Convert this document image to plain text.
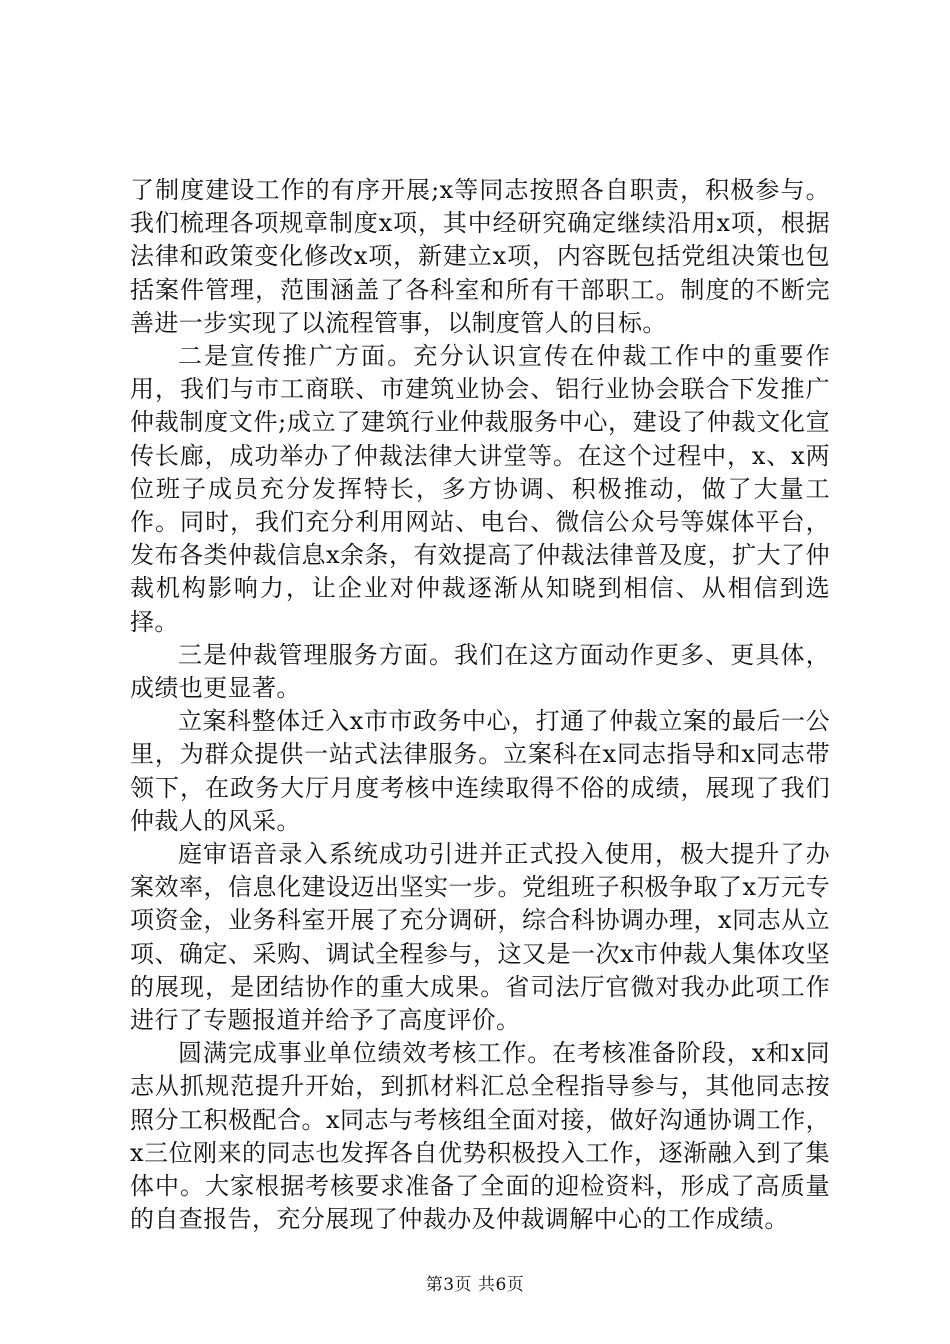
了制度建设工作的有序开展;x等同志按照各自职责，积极参与。我们梳理各项规章制度x项，其中经研究确定继续沿用x项，根据法律和政策变化修改x项，新建立x项，内容既包括党组决策也包括案件管理，范围涵盖了各科室和所有干部职工。制度的不断完善进一步实现了以流程管事，以制度管人的目标。

二是宣传推广方面。充分认识宣传在仲裁工作中的重要作用，我们与市工商联、市建筑业协会、铝行业协会联合下发推广仲裁制度文件;成立了建筑行业仲裁服务中心，建设了仲裁文化宣传长廊，成功举办了仲裁法律大讲堂等。在这个过程中，x、x两位班子成员充分发挥特长，多方协调、积极推动，做了大量工作。同时，我们充分利用网站、电台、微信公众号等媒体平台，发布各类仲裁信息x余条，有效提高了仲裁法律普及度，扩大了仲裁机构影响力，让企业对仲裁逐渐从知晓到相信、从相信到选择。

三是仲裁管理服务方面。我们在这方面动作更多、更具体，成绩也更显著。

立案科整体迁入x市市政务中心，打通了仲裁立案的最后一公里，为群众提供一站式法律服务。立案科在x同志指导和x同志带领下，在政务大厅月度考核中连续取得不俗的成绩，展现了我们仲裁人的风采。

庭审语音录入系统成功引进并正式投入使用，极大提升了办案效率，信息化建设迈出坚实一步。党组班子积极争取了x万元专项资金，业务科室开展了充分调研，综合科协调办理，x同志从立项、确定、采购、调试全程参与，这又是一次x市仲裁人集体攻坚的展现，是团结协作的重大成果。省司法厅官微对我办此项工作进行了专题报道并给予了高度评价。

圆满完成事业单位绩效考核工作。在考核准备阶段，x和x同志从抓规范提升开始，到抓材料汇总全程指导参与，其他同志按照分工积极配合。x同志与考核组全面对接，做好沟通协调工作，x三位刚来的同志也发挥各自优势积极投入工作，逐渐融入到了集体中。大家根据考核要求准备了全面的迎检资料，形成了高质量的自查报告，充分展现了仲裁办及仲裁调解中心的工作成绩。

第3页 共6页
